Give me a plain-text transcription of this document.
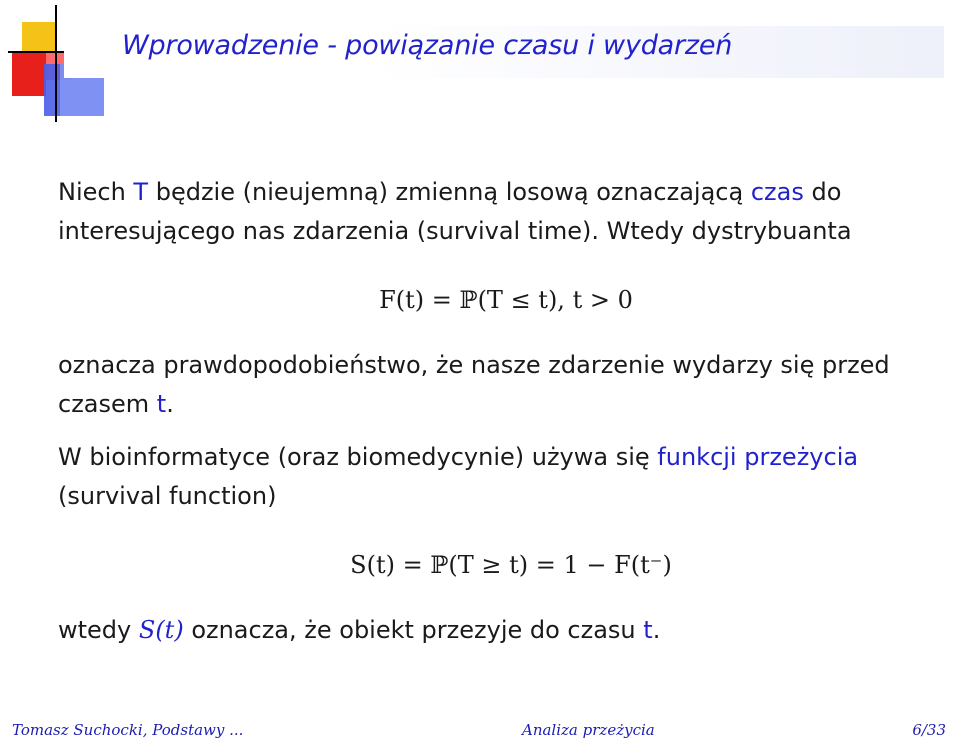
Wprowadzenie - powiązanie czasu i wydarzeń

Niech T będzie (nieujemną) zmienną losową oznaczającą czas do interesującego nas zdarzenia (survival time). Wtedy dystrybuanta

F(t) = ℙ(T ≤ t), t > 0

oznacza prawdopodobieństwo, że nasze zdarzenie wydarzy się przed czasem t.

W bioinformatyce (oraz biomedycynie) używa się funkcji przeżycia (survival function)

S(t) = ℙ(T ≥ t) = 1 − F(t⁻)

wtedy S(t) oznacza, że obiekt przezyje do czasu t.

Tomasz Suchocki, Podstawy ...	Analiza przeżycia	6/33
